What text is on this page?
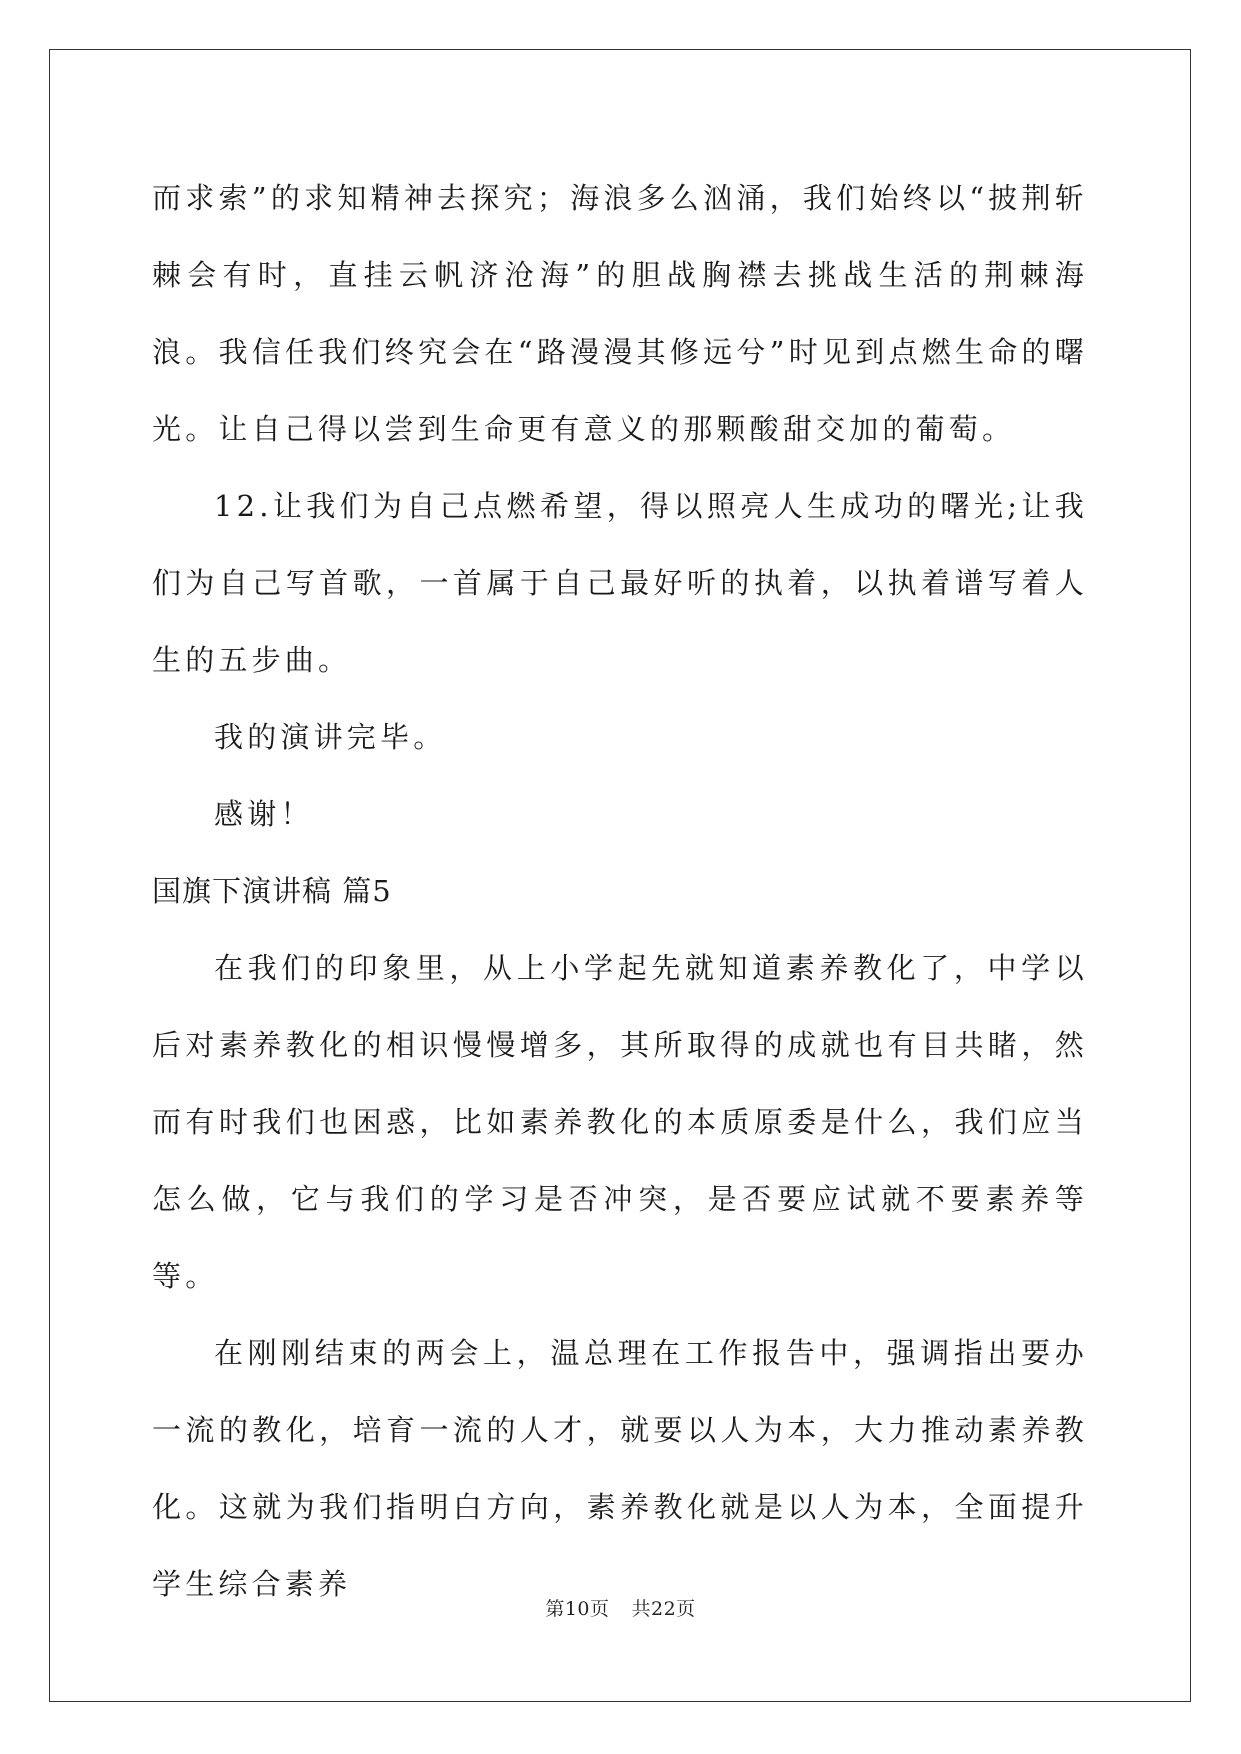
而求索”的求知精神去探究；海浪多么汹涌，我们始终以“披荆斩棘会有时，直挂云帆济沧海”的胆战胸襟去挑战生活的荆棘海浪。我信任我们终究会在“路漫漫其修远兮”时见到点燃生命的曙光。让自己得以尝到生命更有意义的那颗酸甜交加的葡萄。

12.让我们为自己点燃希望，得以照亮人生成功的曙光;让我们为自己写首歌，一首属于自己最好听的执着，以执着谱写着人生的五步曲。

我的演讲完毕。

感谢！

国旗下演讲稿 篇5

在我们的印象里，从上小学起先就知道素养教化了，中学以后对素养教化的相识慢慢增多，其所取得的成就也有目共睹，然而有时我们也困惑，比如素养教化的本质原委是什么，我们应当怎么做，它与我们的学习是否冲突，是否要应试就不要素养等等。

在刚刚结束的两会上，温总理在工作报告中，强调指出要办一流的教化，培育一流的人才，就要以人为本，大力推动素养教化。这就为我们指明白方向，素养教化就是以人为本，全面提升学生综合素养

第10页 共22页
